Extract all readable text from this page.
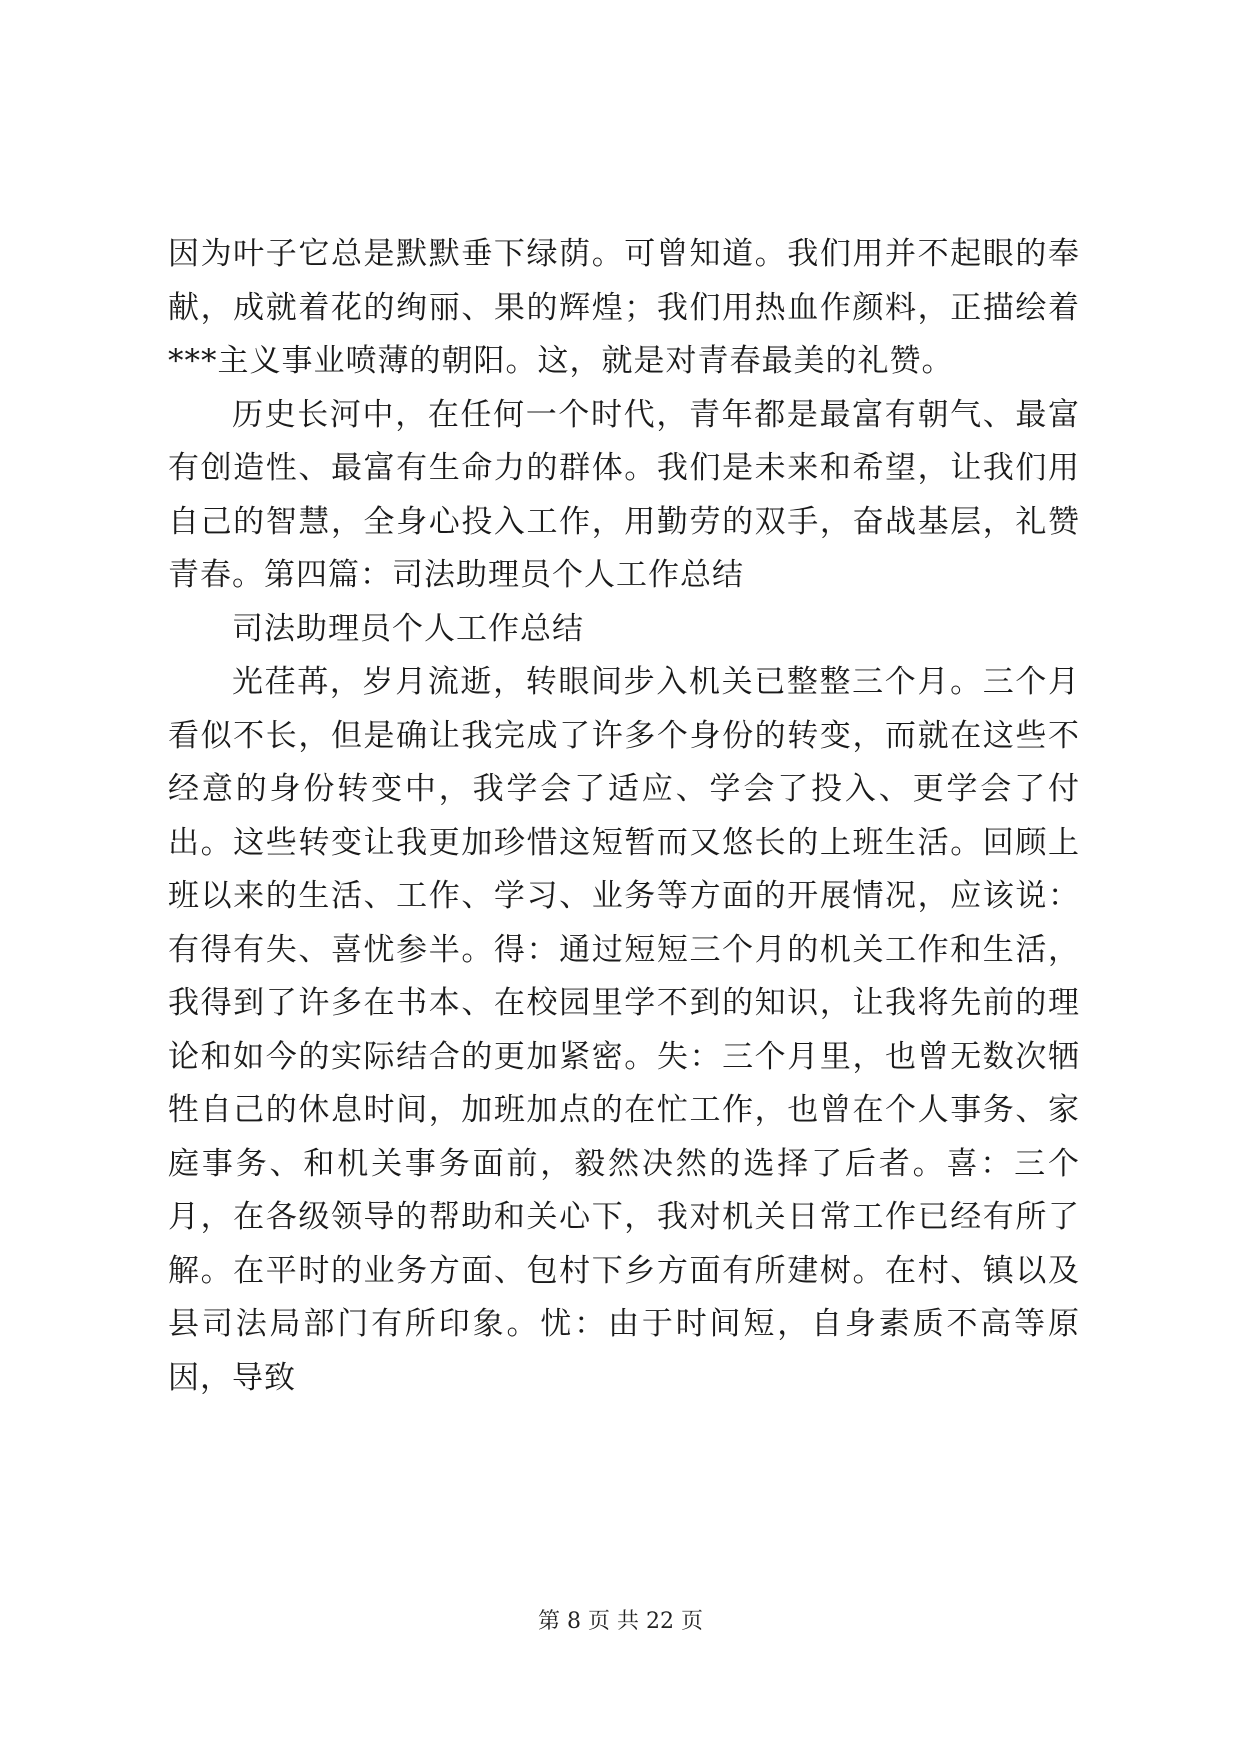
因为叶子它总是默默垂下绿荫。可曾知道。我们用并不起眼的奉献，成就着花的绚丽、果的辉煌；我们用热血作颜料，正描绘着***主义事业喷薄的朝阳。这，就是对青春最美的礼赞。

历史长河中，在任何一个时代，青年都是最富有朝气、最富有创造性、最富有生命力的群体。我们是未来和希望，让我们用自己的智慧，全身心投入工作，用勤劳的双手，奋战基层，礼赞青春。第四篇：司法助理员个人工作总结

司法助理员个人工作总结

光荏苒，岁月流逝，转眼间步入机关已整整三个月。三个月看似不长，但是确让我完成了许多个身份的转变，而就在这些不经意的身份转变中，我学会了适应、学会了投入、更学会了付出。这些转变让我更加珍惜这短暂而又悠长的上班生活。回顾上班以来的生活、工作、学习、业务等方面的开展情况，应该说：有得有失、喜忧参半。得：通过短短三个月的机关工作和生活，我得到了许多在书本、在校园里学不到的知识，让我将先前的理论和如今的实际结合的更加紧密。失：三个月里，也曾无数次牺牲自己的休息时间，加班加点的在忙工作，也曾在个人事务、家庭事务、和机关事务面前，毅然决然的选择了后者。喜：三个月，在各级领导的帮助和关心下，我对机关日常工作已经有所了解。在平时的业务方面、包村下乡方面有所建树。在村、镇以及县司法局部门有所印象。忧：由于时间短，自身素质不高等原因，导致

第 8 页 共 22 页
